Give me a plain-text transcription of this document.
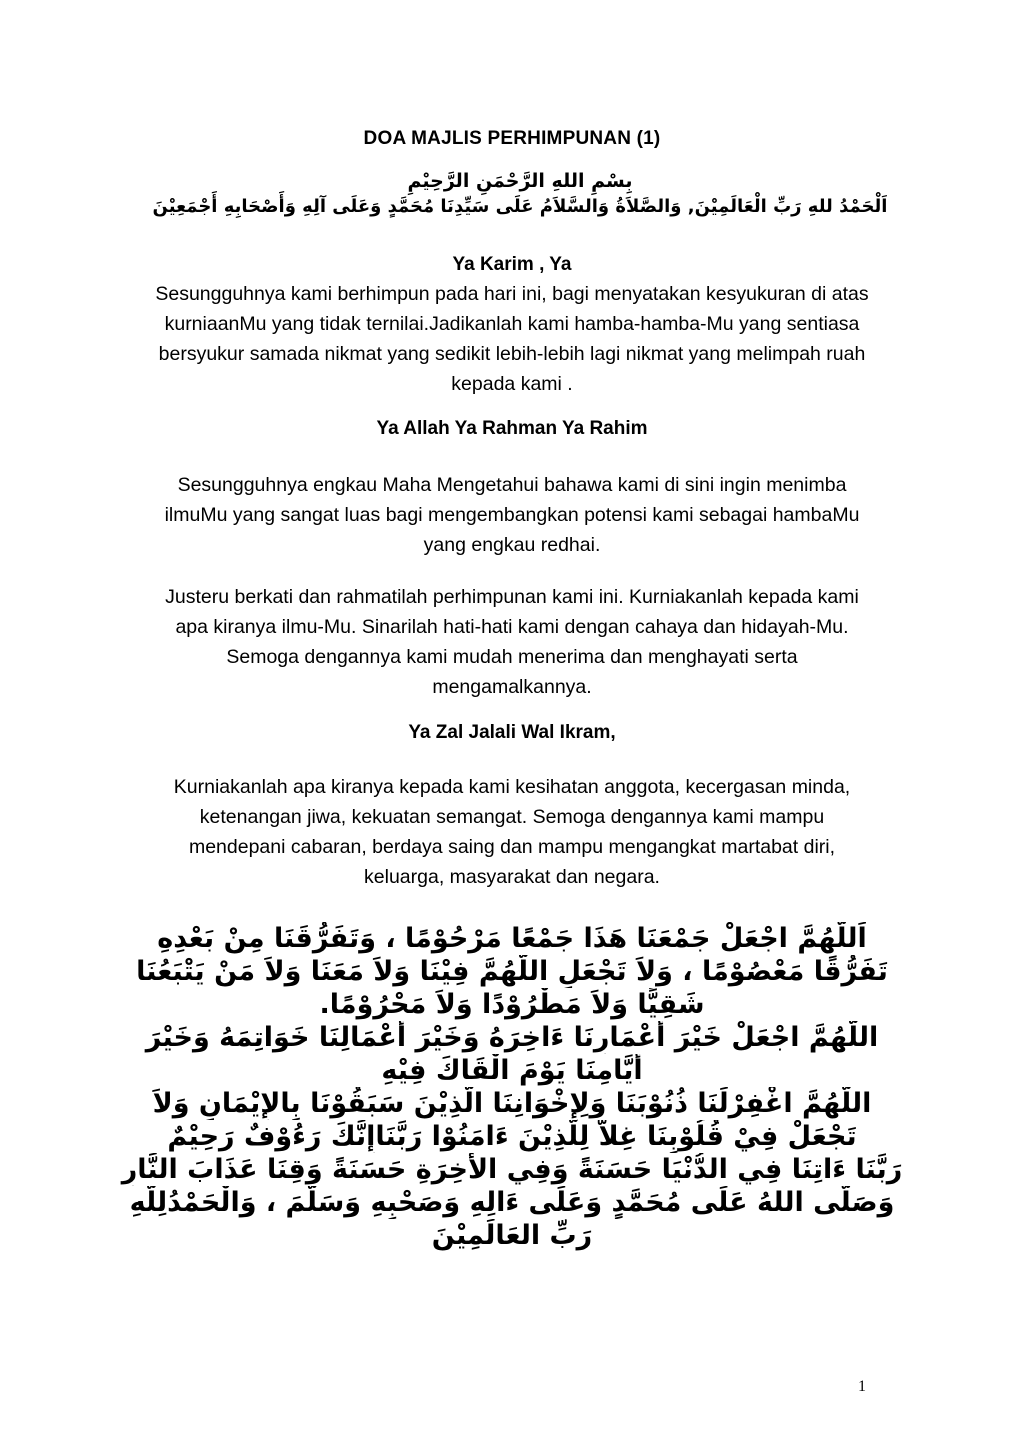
DOA MAJLIS PERHIMPUNAN (1)
بِسْمِ اللهِ الرَّحْمَنِ الرَّحِيْمِ
اَلْحَمْدُ للهِ رَبِّ الْعَالَمِيْنَ, وَالصَّلاَةُ وَالسَّلاَمُ عَلَى سَيِّدِنَا مُحَمَّدٍ وَعَلَى آلِهِ وَأَصْحَابِهِ أَجْمَعِيْنَ
Ya Karim , Ya
Sesungguhnya kami berhimpun pada hari ini, bagi menyatakan kesyukuran di atas kurniaanMu yang tidak ternilai.Jadikanlah kami hamba-hamba-Mu yang sentiasa bersyukur samada nikmat yang sedikit lebih-lebih lagi nikmat yang melimpah ruah kepada kami .
Ya Allah Ya Rahman Ya Rahim
Sesungguhnya engkau Maha Mengetahui bahawa kami di sini ingin menimba ilmuMu yang sangat luas bagi mengembangkan potensi kami sebagai hambaMu yang engkau redhai.
Justeru berkati dan rahmatilah perhimpunan kami ini. Kurniakanlah kepada kami apa kiranya ilmu-Mu. Sinarilah hati-hati kami dengan cahaya dan hidayah-Mu. Semoga dengannya kami mudah menerima dan menghayati serta mengamalkannya.
Ya Zal Jalali Wal Ikram,
Kurniakanlah apa kiranya kepada kami kesihatan anggota, kecergasan minda, ketenangan jiwa, kekuatan semangat. Semoga dengannya kami mampu mendepani cabaran, berdaya saing dan mampu mengangkat martabat diri, keluarga, masyarakat dan negara.
اَللَّهُمَّ اجْعَلْ جَمْعَنَا هَذَا جَمْعًا مَرْحُوْمًا ، وَتَفَرُّقَنَا مِنْ بَعْدِهِ
تَفَرُّقًا مَعْصُوْمًا ، وَلاَ تَجْعَلِ اللَّهُمَّ فِيْنَا وَلاَ مَعَنَا وَلاَ مَنْ يَتْبَعُنَا
شَقِيًّا وَلاَ مَطْرُوْدًا وَلاَ مَحْرُوْمًا.
اللَّهُمَّ اجْعَلْ خَيْرَ أَعْمَارِنَا ءَاخِرَهُ وَخَيْرَ أَعْمَالِنَا خَوَاتِمَهُ وَخَيْرَ
أَيَّامِنَا يَوْمَ الْقَاكَ فِيْهِ
اللَّهُمَّ اغْفِرْلَنَا ذُنُوْبَنَا وَلِإِخْوَانِنَا الَّذِيْنَ سَبَقُوْنَا بِالإِيْمَانِ وَلاَ
تَجْعَلْ فِيْ قُلُوْبِنَا غِلاًّ لِلَّذِيْنَ ءَامَنُوْا رَبَّنَاإِنَّكَ رَءُوْفٌ رَحِيْمٌ
رَبَّنَا ءَاتِنَا فِي الدُّنْيَا حَسَنَةً وَفِي الأَخِرَةِ حَسَنَةً وَقِنَا عَذَابَ النَّارِ
وَصَلَّى اللهُ عَلَى مُحَمَّدٍ وَعَلَى ءَالِهِ وَصَحْبِهِ وَسَلَّمَ ، وَالْحَمْدُلِلَّهِ
رَبِّ العَالَمِيْنَ
1
